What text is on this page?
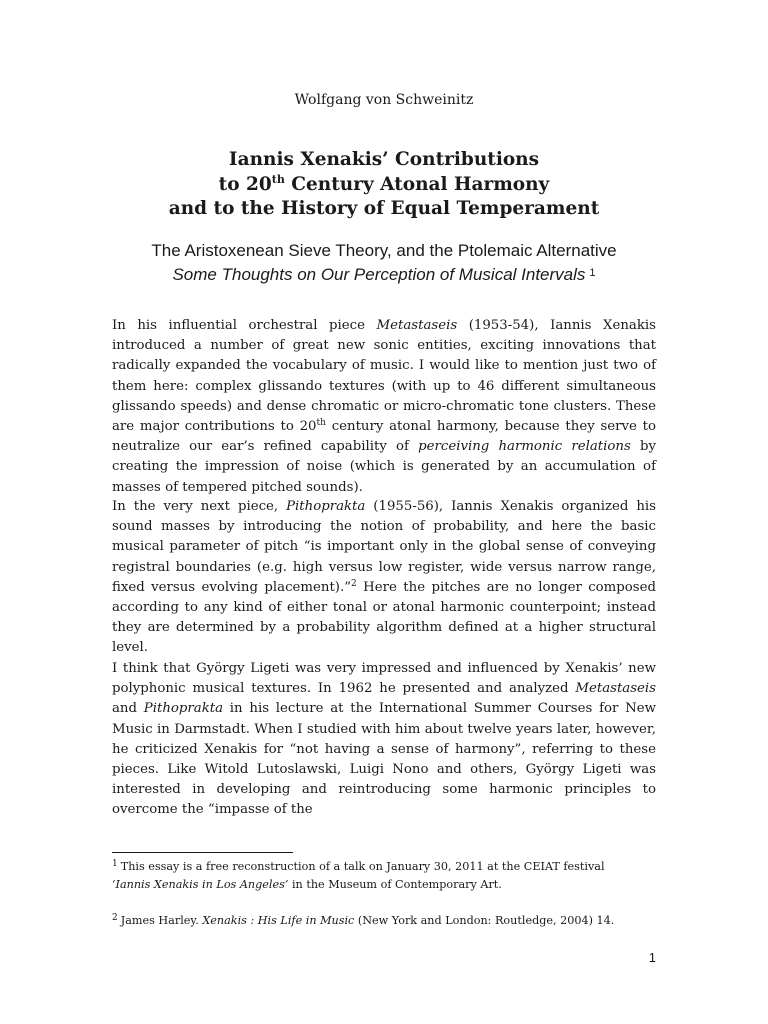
Wolfgang von Schweinitz
Iannis Xenakis’ Contributions
to 20th Century Atonal Harmony
and to the History of Equal Temperament
The Aristoxenean Sieve Theory, and the Ptolemaic Alternative
Some Thoughts on Our Perception of Musical Intervals $^1$

In his influential orchestral piece Metastaseis (1953-54), Iannis Xenakis introduced a number of great new sonic entities, exciting innovations that radically expanded the vocabulary of music. I would like to mention just two of them here: complex glissando textures (with up to 46 different simultaneous glissando speeds) and dense chromatic or micro-chromatic tone clusters. These are major contributions to 20th century atonal harmony, because they serve to neutralize our ear’s refined capability of perceiving harmonic relations by creating the impression of noise (which is generated by an accumulation of masses of tempered pitched sounds).

In the very next piece, Pithoprakta (1955-56), Iannis Xenakis organized his sound masses by introducing the notion of probability, and here the basic musical parameter of pitch “is important only in the global sense of conveying registral boundaries (e.g. high versus low register, wide versus narrow range, fixed versus evolving placement).”$^2$ Here the pitches are no longer composed according to any kind of either tonal or atonal harmonic counterpoint; instead they are determined by a probability algorithm defined at a higher structural level.

I think that György Ligeti was very impressed and influenced by Xenakis’ new polyphonic musical textures. In 1962 he presented and analyzed Metastaseis and Pithoprakta in his lecture at the International Summer Courses for New Music in Darmstadt. When I studied with him about twelve years later, however, he criticized Xenakis for “not having a sense of harmony”, referring to these pieces. Like Witold Lutoslawski, Luigi Nono and others, György Ligeti was interested in developing and reintroducing some harmonic principles to overcome the “impasse of the

$^1$ This essay is a free reconstruction of a talk on January 30, 2011 at the CEIAT festival
‘Iannis Xenakis in Los Angeles’ in the Museum of Contemporary Art.
$^2$ James Harley. Xenakis : His Life in Music (New York and London: Routledge, 2004) 14.
1
